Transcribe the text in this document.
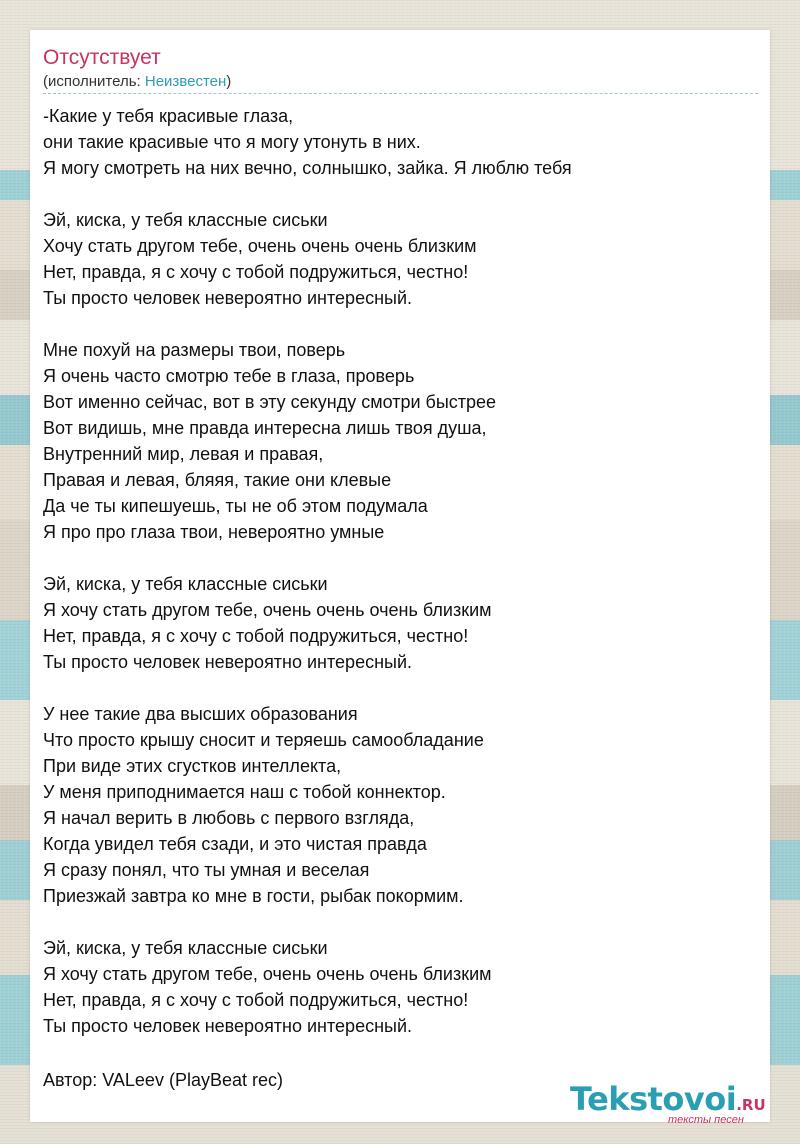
Отсутствует
(исполнитель: Неизвестен)
-Какие у тебя красивые глаза,
они такие красивые что я могу утонуть в них.
Я могу смотреть на них вечно, солнышко, зайка. Я люблю тебя
Эй, киска, у тебя классные сиськи
Хочу стать другом тебе, очень очень очень близким
Нет, правда, я с хочу с тобой подружиться, честно!
Ты просто человек невероятно интересный.
Мне похуй на размеры твои, поверь
Я очень часто смотрю тебе в глаза, проверь
Вот именно сейчас, вот в эту секунду смотри быстрее
Вот видишь, мне правда интересна лишь твоя душа,
Внутренний мир, левая и правая,
Правая и левая, бляяя, такие они клевые
Да че ты кипешуешь, ты не об этом подумала
Я про про глаза твои, невероятно умные
Эй, киска, у тебя классные сиськи
Я хочу стать другом тебе, очень очень очень близким
Нет, правда, я с хочу с тобой подружиться, честно!
Ты просто человек невероятно интересный.
У нее такие два высших образования
Что просто крышу сносит и теряешь самообладание
При виде этих сгустков интеллекта,
У меня приподнимается наш с тобой коннектор.
Я начал верить в любовь с первого взгляда,
Когда увидел тебя сзади, и это чистая правда
Я сразу понял, что ты умная и веселая
Приезжай завтра ко мне в гости, рыбак покормим.
Эй, киска, у тебя классные сиськи
Я хочу стать другом тебе, очень очень очень близким
Нет, правда, я с хочу с тобой подружиться, честно!
Ты просто человек невероятно интересный.
Автор: VALeev (PlayBeat rec)	Tekstovoi.RU
тексты песен
